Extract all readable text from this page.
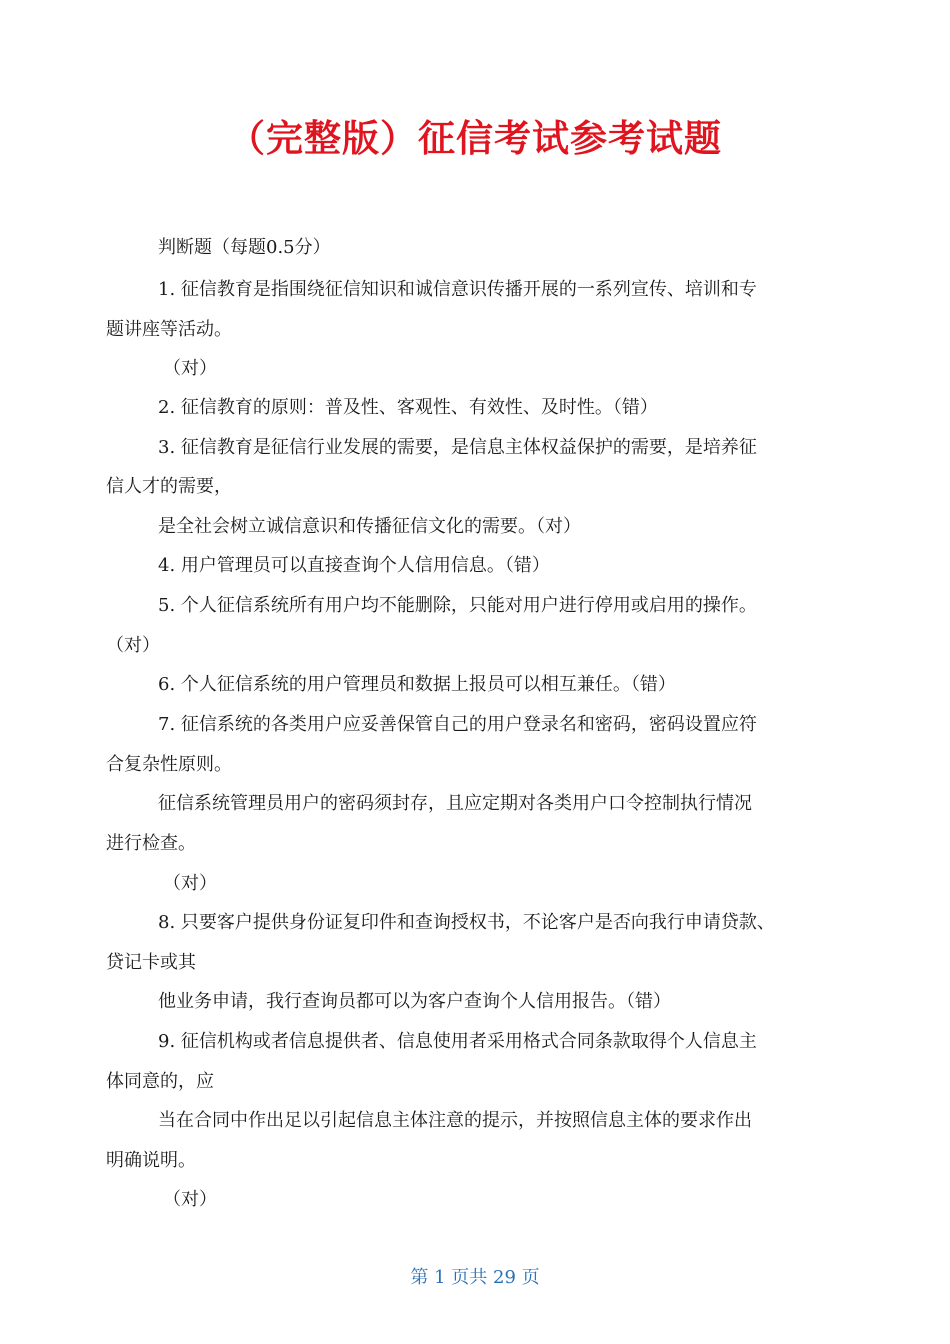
（完整版）征信考试参考试题

判断题（每题0.5分）

1. 征信教育是指围绕征信知识和诚信意识传播开展的一系列宣传、培训和专

题讲座等活动。

（对）

2. 征信教育的原则：普及性、客观性、有效性、及时性。（错）

3. 征信教育是征信行业发展的需要，是信息主体权益保护的需要，是培养征

信人才的需要，

是全社会树立诚信意识和传播征信文化的需要。（对）

4. 用户管理员可以直接查询个人信用信息。（错）

5. 个人征信系统所有用户均不能删除，只能对用户进行停用或启用的操作。

（对）

6. 个人征信系统的用户管理员和数据上报员可以相互兼任。（错）

7. 征信系统的各类用户应妥善保管自己的用户登录名和密码，密码设置应符

合复杂性原则。

征信系统管理员用户的密码须封存，且应定期对各类用户口令控制执行情况

进行检查。

（对）

8. 只要客户提供身份证复印件和查询授权书，不论客户是否向我行申请贷款、

贷记卡或其

他业务申请，我行查询员都可以为客户查询个人信用报告。（错）

9. 征信机构或者信息提供者、信息使用者采用格式合同条款取得个人信息主

体同意的，应

当在合同中作出足以引起信息主体注意的提示，并按照信息主体的要求作出

明确说明。

（对）

第 1 页共 29 页
